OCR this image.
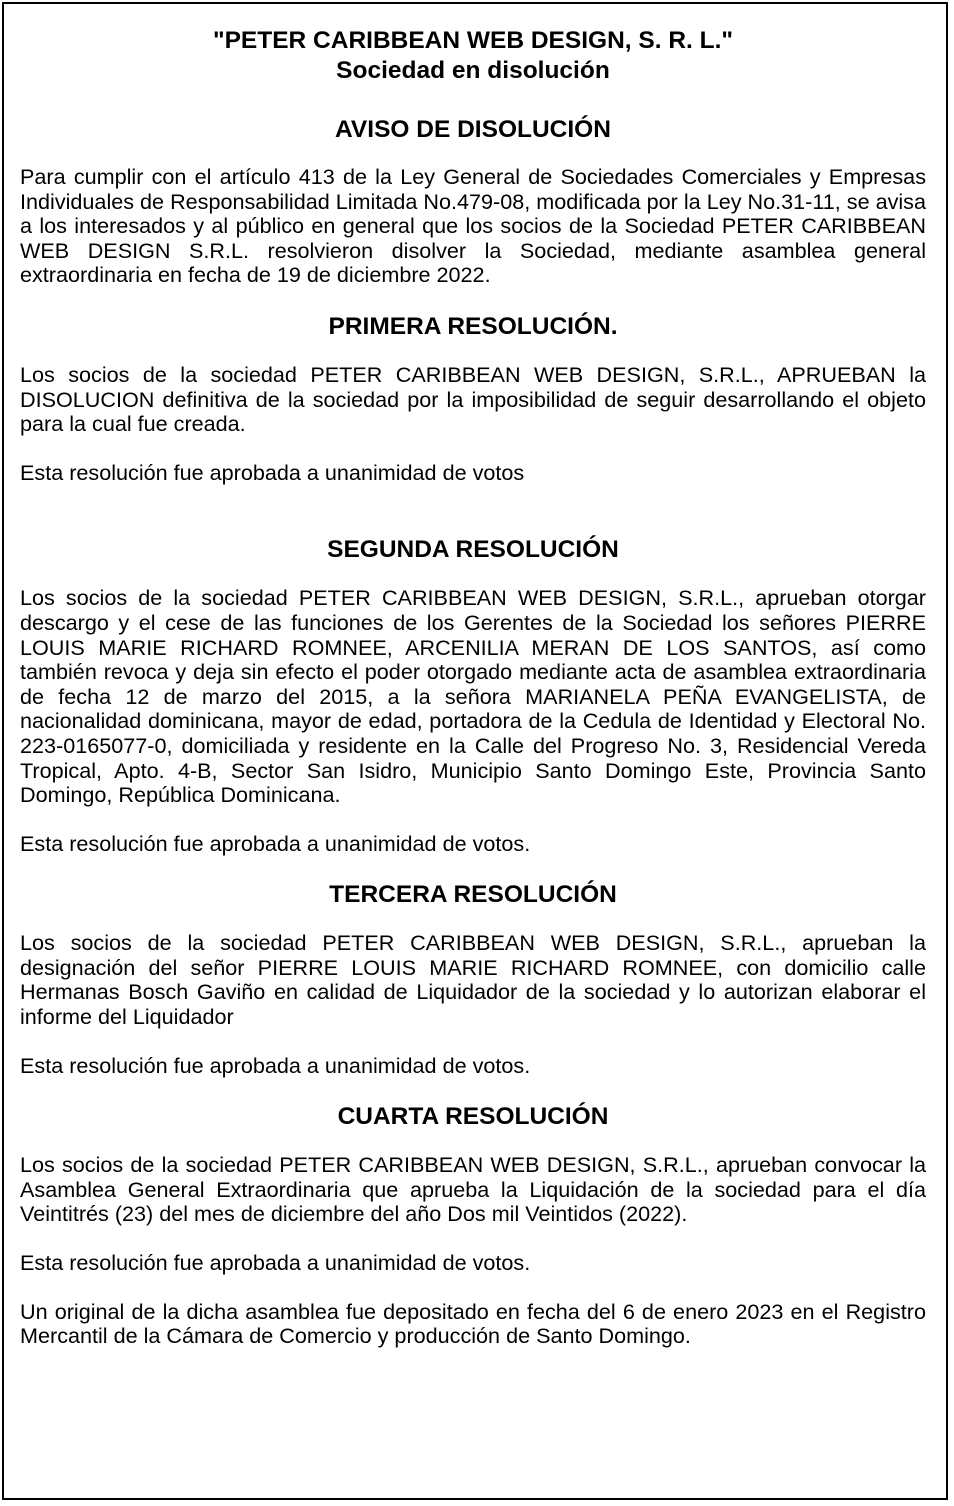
"PETER CARIBBEAN WEB DESIGN, S. R. L."

Sociedad en disolución

AVISO DE DISOLUCIÓN

Para cumplir con el artículo 413 de la Ley General de Sociedades Comerciales y Empresas Individuales de Responsabilidad Limitada No.479-08, modificada por la Ley No.31-11, se avisa a los interesados y al público en general que los socios de la Sociedad PETER CARIBBEAN WEB DESIGN S.R.L. resolvieron disolver la Sociedad, mediante asamblea general extraordinaria en fecha de 19 de diciembre 2022.

PRIMERA RESOLUCIÓN.

Los socios de la sociedad PETER CARIBBEAN WEB DESIGN, S.R.L., APRUEBAN la DISOLUCION definitiva de la sociedad por la imposibilidad de seguir desarrollando el objeto para la cual fue creada.

Esta resolución fue aprobada a unanimidad de votos

SEGUNDA RESOLUCIÓN

Los socios de la sociedad PETER CARIBBEAN WEB DESIGN, S.R.L., aprueban otorgar descargo y el cese de las funciones de los Gerentes de la Sociedad los señores PIERRE LOUIS MARIE RICHARD ROMNEE, ARCENILIA MERAN DE LOS SANTOS, así como también revoca y deja sin efecto el poder otorgado mediante acta de asamblea extraordinaria de fecha 12 de marzo del 2015, a la señora MARIANELA PEÑA EVANGELISTA, de nacionalidad dominicana, mayor de edad, portadora de la Cedula de Identidad y Electoral No. 223-0165077-0, domiciliada y residente en la Calle del Progreso No. 3, Residencial Vereda Tropical, Apto. 4-B, Sector San Isidro, Municipio Santo Domingo Este, Provincia Santo Domingo, República Dominicana.

Esta resolución fue aprobada a unanimidad de votos.

TERCERA RESOLUCIÓN

Los socios de la sociedad PETER CARIBBEAN WEB DESIGN, S.R.L., aprueban la designación del señor PIERRE LOUIS MARIE RICHARD ROMNEE, con domicilio calle Hermanas Bosch Gaviño en calidad de Liquidador de la sociedad y lo autorizan elaborar el informe del Liquidador

Esta resolución fue aprobada a unanimidad de votos.

CUARTA RESOLUCIÓN

Los socios de la sociedad PETER CARIBBEAN WEB DESIGN, S.R.L., aprueban convocar la Asamblea General Extraordinaria que aprueba la Liquidación de la sociedad para el día Veintitrés (23) del mes de diciembre del año Dos mil Veintidos (2022).

Esta resolución fue aprobada a unanimidad de votos.

Un original de la dicha asamblea fue depositado en fecha del 6 de enero 2023 en el Registro Mercantil de la Cámara de Comercio y producción de Santo Domingo.
